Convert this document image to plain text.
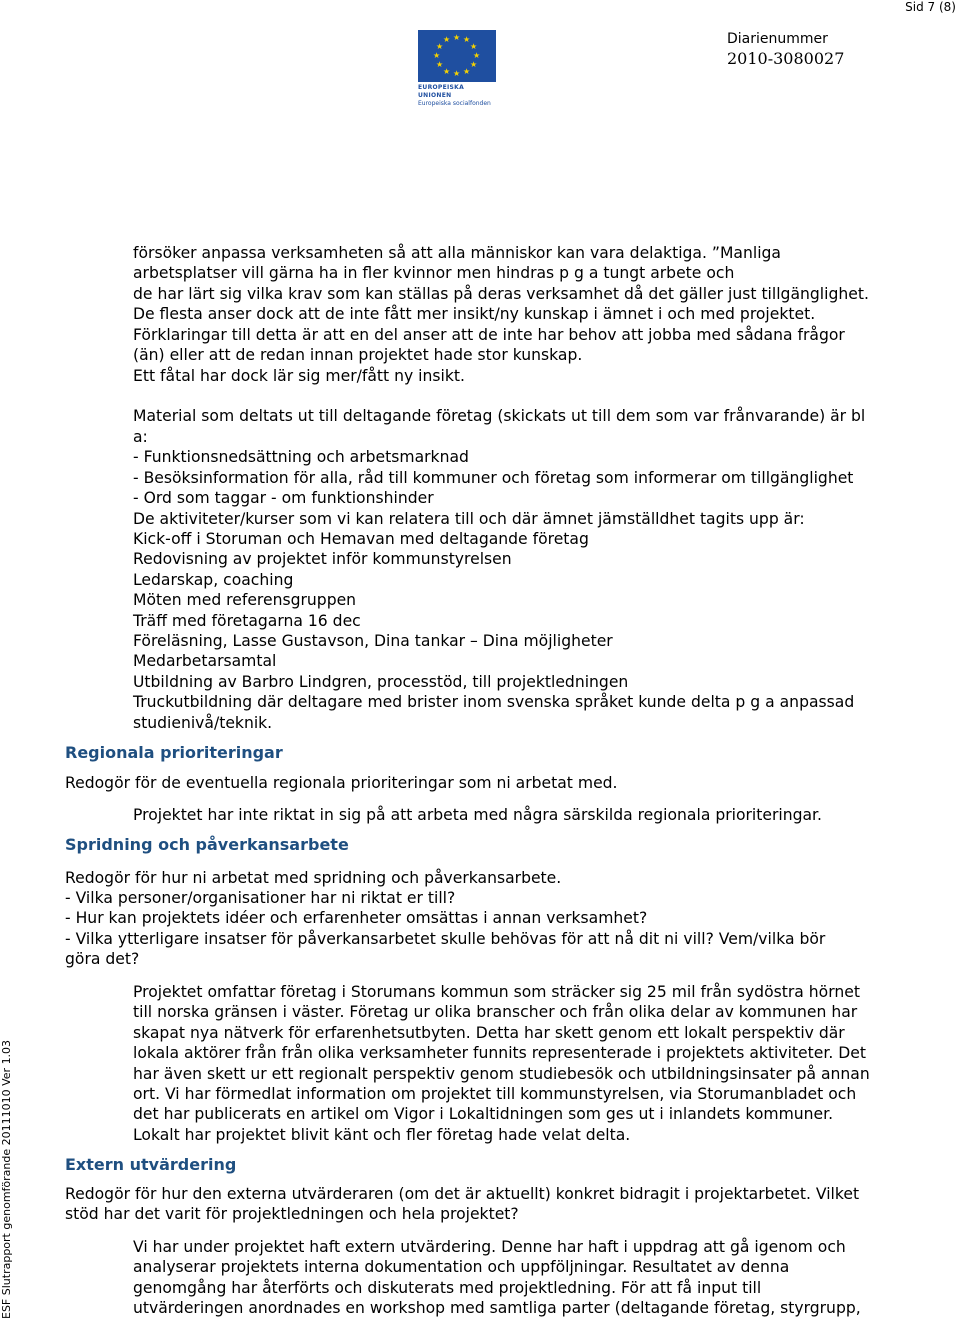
Sid 7 (8)
★ ★
★
★
★
★
★
★
★
★
★
★
EUROPEISKA UNIONEN
Europeiska socialfonden
Diarienummer
2010-3080027
ESF Slutrapport genomförande 20111010 Ver 1.03
försöker anpassa verksamheten så att alla människor kan vara delaktiga. ”Manliga
arbetsplatser vill gärna ha in fler kvinnor men hindras p g a tungt arbete och
de har lärt sig vilka krav som kan ställas på deras verksamhet då det gäller just tillgänglighet.
De flesta anser dock att de inte fått mer insikt/ny kunskap i ämnet i och med projektet.
Förklaringar till detta är att en del anser att de inte har behov att jobba med sådana frågor
(än) eller att de redan innan projektet hade stor kunskap.
Ett fåtal har dock lär sig mer/fått ny insikt.
Material som deltats ut till deltagande företag (skickats ut till dem som var frånvarande) är bl
a:
- Funktionsnedsättning och arbetsmarknad
- Besöksinformation för alla, råd till kommuner och företag som informerar om tillgänglighet
- Ord som taggar - om funktionshinder
De aktiviteter/kurser som vi kan relatera till och där ämnet jämställdhet tagits upp är:
Kick-off i Storuman och Hemavan med deltagande företag
Redovisning av projektet inför kommunstyrelsen
Ledarskap, coaching
Möten med referensgruppen
Träff med företagarna 16 dec
Föreläsning, Lasse Gustavson, Dina tankar – Dina möjligheter
Medarbetarsamtal
Utbildning av Barbro Lindgren, processtöd, till projektledningen
Truckutbildning där deltagare med brister inom svenska språket kunde delta p g a anpassad
studienivå/teknik.
Regionala prioriteringar
Redogör för de eventuella regionala prioriteringar som ni arbetat med.
Projektet har inte riktat in sig på att arbeta med några särskilda regionala prioriteringar.
Spridning och påverkansarbete
Redogör för hur ni arbetat med spridning och påverkansarbete.
- Vilka personer/organisationer har ni riktat er till?
- Hur kan projektets idéer och erfarenheter omsättas i annan verksamhet?
- Vilka ytterligare insatser för påverkansarbetet skulle behövas för att nå dit ni vill? Vem/vilka bör
göra det?
Projektet omfattar företag i Storumans kommun som sträcker sig 25 mil från sydöstra hörnet
till norska gränsen i väster. Företag ur olika branscher och från olika delar av kommunen har
skapat nya nätverk för erfarenhetsutbyten. Detta har skett genom ett lokalt perspektiv där
lokala aktörer från från olika verksamheter funnits representerade i projektets aktiviteter. Det
har även skett ur ett regionalt perspektiv genom studiebesök och utbildningsinsater på annan
ort. Vi har förmedlat information om projektet till kommunstyrelsen, via Storumanbladet och
det har publicerats en artikel om Vigor i Lokaltidningen som ges ut i inlandets kommuner.
Lokalt har projektet blivit känt och fler företag hade velat delta.
Extern utvärdering
Redogör för hur den externa utvärderaren (om det är aktuellt) konkret bidragit i projektarbetet. Vilket
stöd har det varit för projektledningen och hela projektet?
Vi har under projektet haft extern utvärdering. Denne har haft i uppdrag att gå igenom och
analyserar projektets interna dokumentation och uppföljningar. Resultatet av denna
genomgång har återförts och diskuterats med projektledning. För att få input till
utvärderingen anordnades en workshop med samtliga parter (deltagande företag, styrgrupp,
